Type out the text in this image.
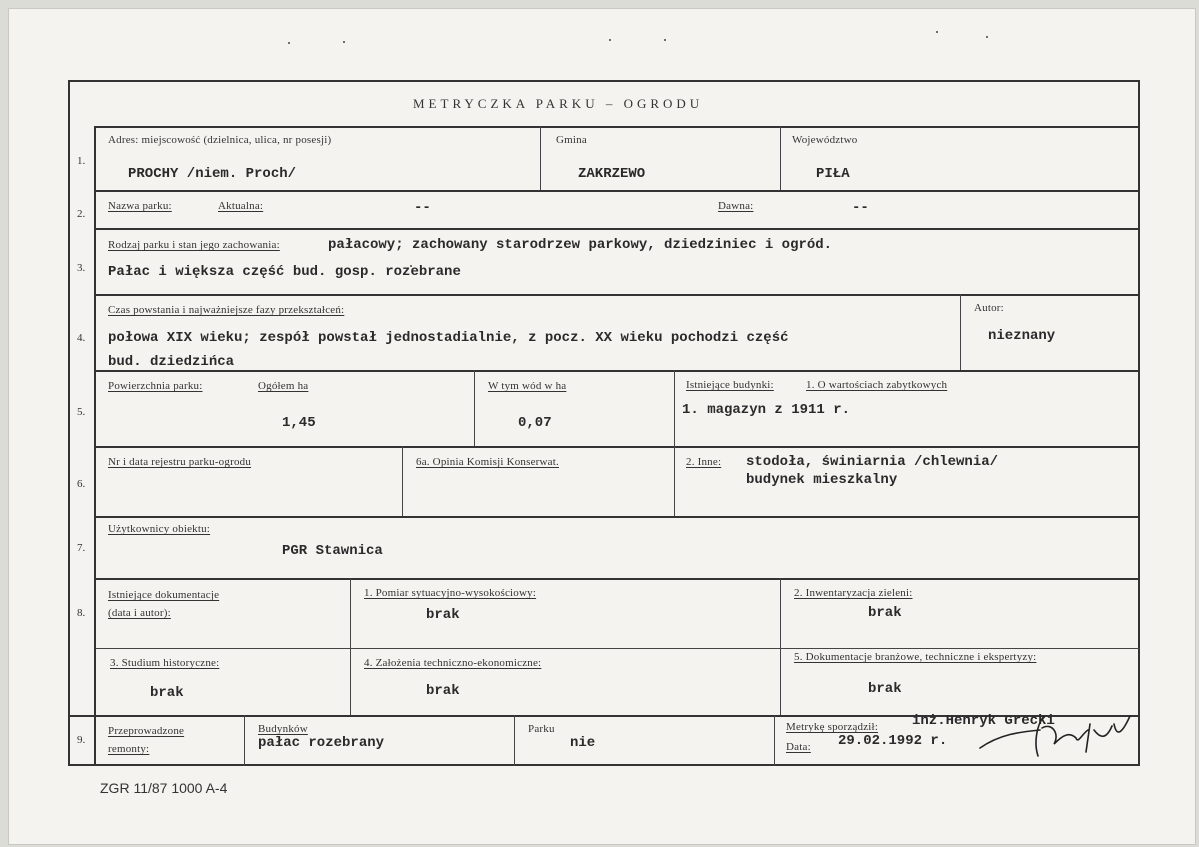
METRYCZKA PARKU – OGRODU
1.
Adres: miejscowość (dzielnica, ulica, nr posesji)
PROCHY /niem. Proch/
Gmina
ZAKRZEWO
Województwo
PIŁA
2.
Nazwa parku:	Aktualna:	--	Dawna:	--
3.
Rodzaj parku i stan jego zachowania:	pałacowy; zachowany starodrzew parkowy, dziedziniec i ogród.
Pałac i większa część bud. gosp. rozebrane
4.
Czas powstania i najważniejsze fazy przekształceń:
połowa XIX wieku; zespół powstał jednostadialnie, z pocz. XX wieku pochodzi część
bud. dziedzińca
Autor:
nieznany
5.
Powierzchnia parku:	Ogółem ha
1,45
W tym wód w ha
0,07
Istniejące budynki:	1. O wartościach zabytkowych
1. magazyn z 1911 r.
6.
Nr i data rejestru parku-ogrodu	6a. Opinia Komisji Konserwat.	2. Inne: stodoła, świniarnia /chlewnia/
budynek mieszkalny
7.
Użytkownicy obiektu:
PGR Stawnica
8.
Istniejące dokumentacje
(data i autor):
1. Pomiar sytuacyjno-wysokościowy:
brak
2. Inwentaryzacja zieleni:
brak
3. Studium historyczne:
brak
4. Założenia techniczno-ekonomiczne:
brak
5. Dokumentacje branżowe, techniczne i ekspertyzy:
brak
9.
Przeprowadzone
remonty:
Budynków
pałac rozebrany
Parku
nie
Metrykę sporządził: inż.Henryk Grecki
Data: 29.02.1992 r.
ZGR 11/87 1000 A-4
